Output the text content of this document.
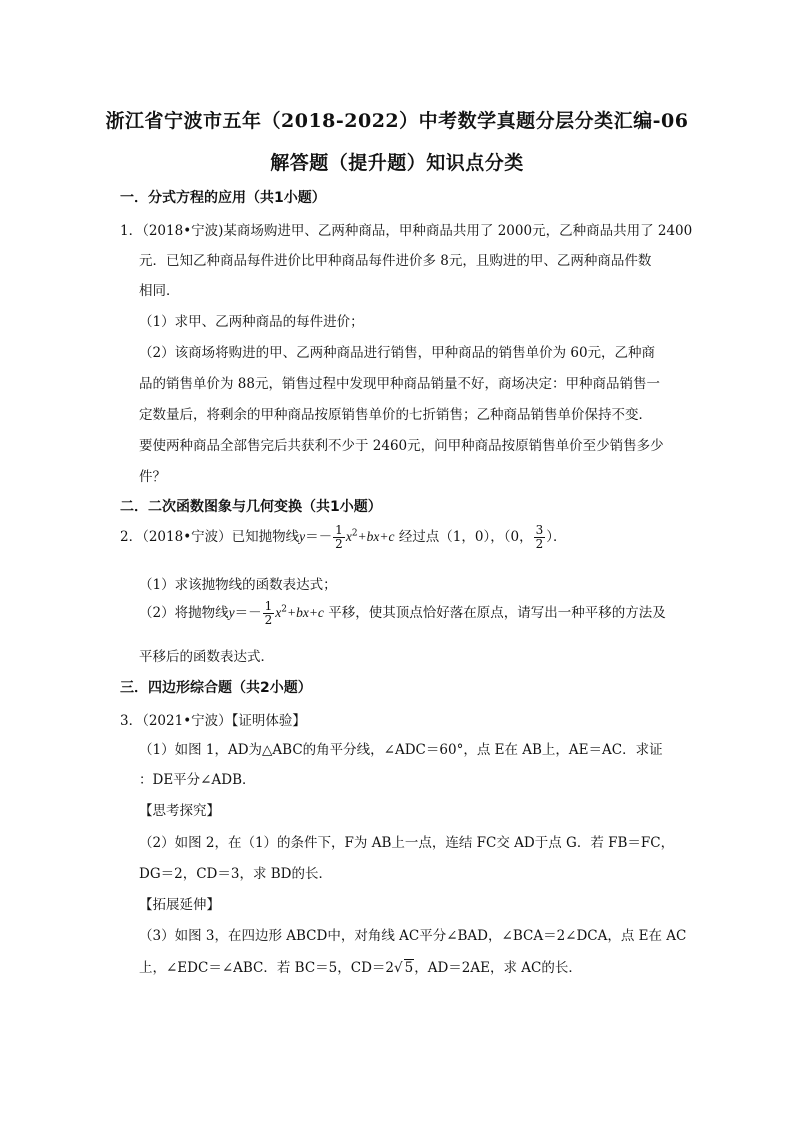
浙江省宁波市五年（2018-2022）中考数学真题分层分类汇编-06
解答题（提升题）知识点分类
一．分式方程的应用（共1小题）
1．（2018•宁波)某商场购进甲、乙两种商品，甲种商品共用了 2000元，乙种商品共用了 2400
元．已知乙种商品每件进价比甲种商品每件进价多 8元，且购进的甲、乙两种商品件数
相同．
（1）求甲、乙两种商品的每件进价；
（2）该商场将购进的甲、乙两种商品进行销售，甲种商品的销售单价为 60元，乙种商
品的销售单价为 88元，销售过程中发现甲种商品销量不好，商场决定：甲种商品销售一
定数量后，将剩余的甲种商品按原销售单价的七折销售；乙种商品销售单价保持不变．
要使两种商品全部售完后共获利不少于 2460元，问甲种商品按原销售单价至少销售多少
件？
二．二次函数图象与几何变换（共1小题）
2．（2018•宁波）已知抛物线$y=- \frac{1}{2} x^2+bx+c$ 经过点（1，0），（0， $\frac{3}{2}$ ）．
（1）求该抛物线的函数表达式；
（2）将抛物线$y=- \frac{1}{2} x^2+bx+c$ 平移，使其顶点恰好落在原点，请写出一种平移的方法及
平移后的函数表达式．
三．四边形综合题（共2小题）
3．（2021•宁波）【证明体验】
（1）如图 1，AD为△ABC的角平分线，∠ADC＝60°，点 E在 AB上，AE＝AC．求证
：DE平分∠ADB．
【思考探究】
（2）如图 2，在（1）的条件下，F为 AB上一点，连结 FC交 AD于点 G．若 FB＝FC，
DG＝2，CD＝3，求 BD的长．
【拓展延伸】
（3）如图 3，在四边形 ABCD中，对角线 AC平分∠BAD，∠BCA＝2∠DCA，点 E在 AC
上，∠EDC＝∠ABC．若 BC＝5，CD＝2√ 5，AD＝2AE，求 AC的长．
